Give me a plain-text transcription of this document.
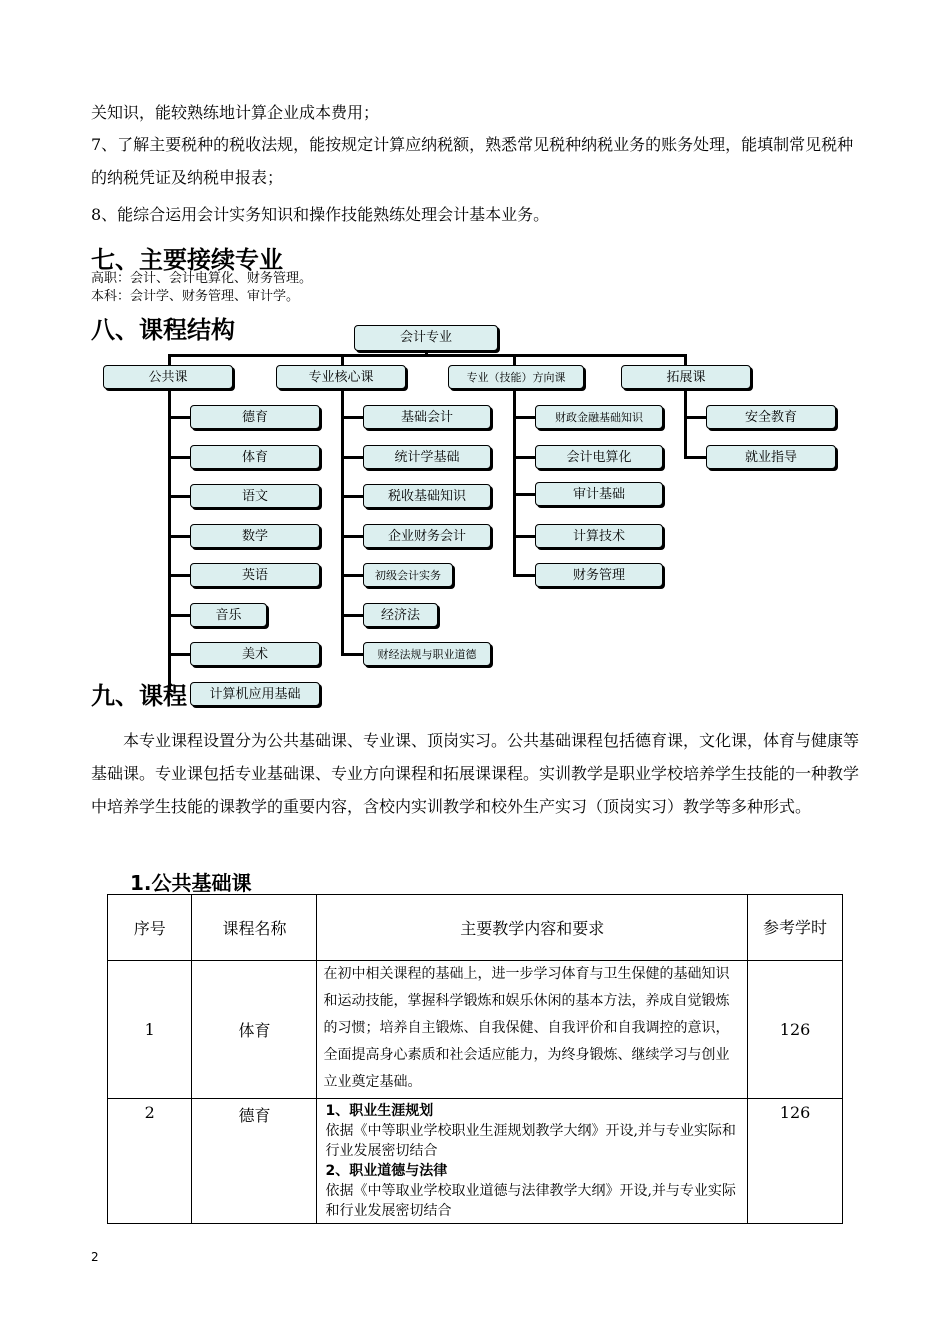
关知识，能较熟练地计算企业成本费用；
7、了解主要税种的税收法规，能按规定计算应纳税额，熟悉常见税种纳税业务的账务处理，能填制常见税种的纳税凭证及纳税申报表；
8、能综合运用会计实务知识和操作技能熟练处理会计基本业务。
七、主要接续专业
高职：会计、会计电算化、财务管理。
本科：会计学、财务管理、审计学。
八、课程结构	会计专业
公共课	专业核心课	专业（技能）方向课	拓展课
德育
体育
语文
数学
英语
音乐
美术
计算机应用基础
基础会计
统计学基础
税收基础知识
企业财务会计
初级会计实务
经济法
财经法规与职业道德
财政金融基础知识
会计电算化
审计基础
计算技术
财务管理
安全教育
就业指导
九、课程
本专业课程设置分为公共基础课、专业课、顶岗实习。公共基础课程包括德育课，文化课，体育与健康等基础课。专业课包括专业基础课、专业方向课程和拓展课课程。实训教学是职业学校培养学生技能的一种教学中培养学生技能的课教学的重要内容，含校内实训教学和校外生产实习（顶岗实习）教学等多种形式。
1.公共基础课
序号	课程名称	主要教学内容和要求	参考学时
1	体育	在初中相关课程的基础上，进一步学习体育与卫生保健的基础知识和运动技能，掌握科学锻炼和娱乐休闲的基本方法，养成自觉锻炼的习惯；培养自主锻炼、自我保健、自我评价和自我调控的意识，全面提高身心素质和社会适应能力，为终身锻炼、继续学习与创业立业奠定基础。	126
2	德育	1、职业生涯规划
依据《中等职业学校职业生涯规划教学大纲》开设,并与专业实际和行业发展密切结合
2、职业道德与法律
依据《中等取业学校取业道德与法律教学大纲》开设,并与专业实际和行业发展密切结合	126
2
